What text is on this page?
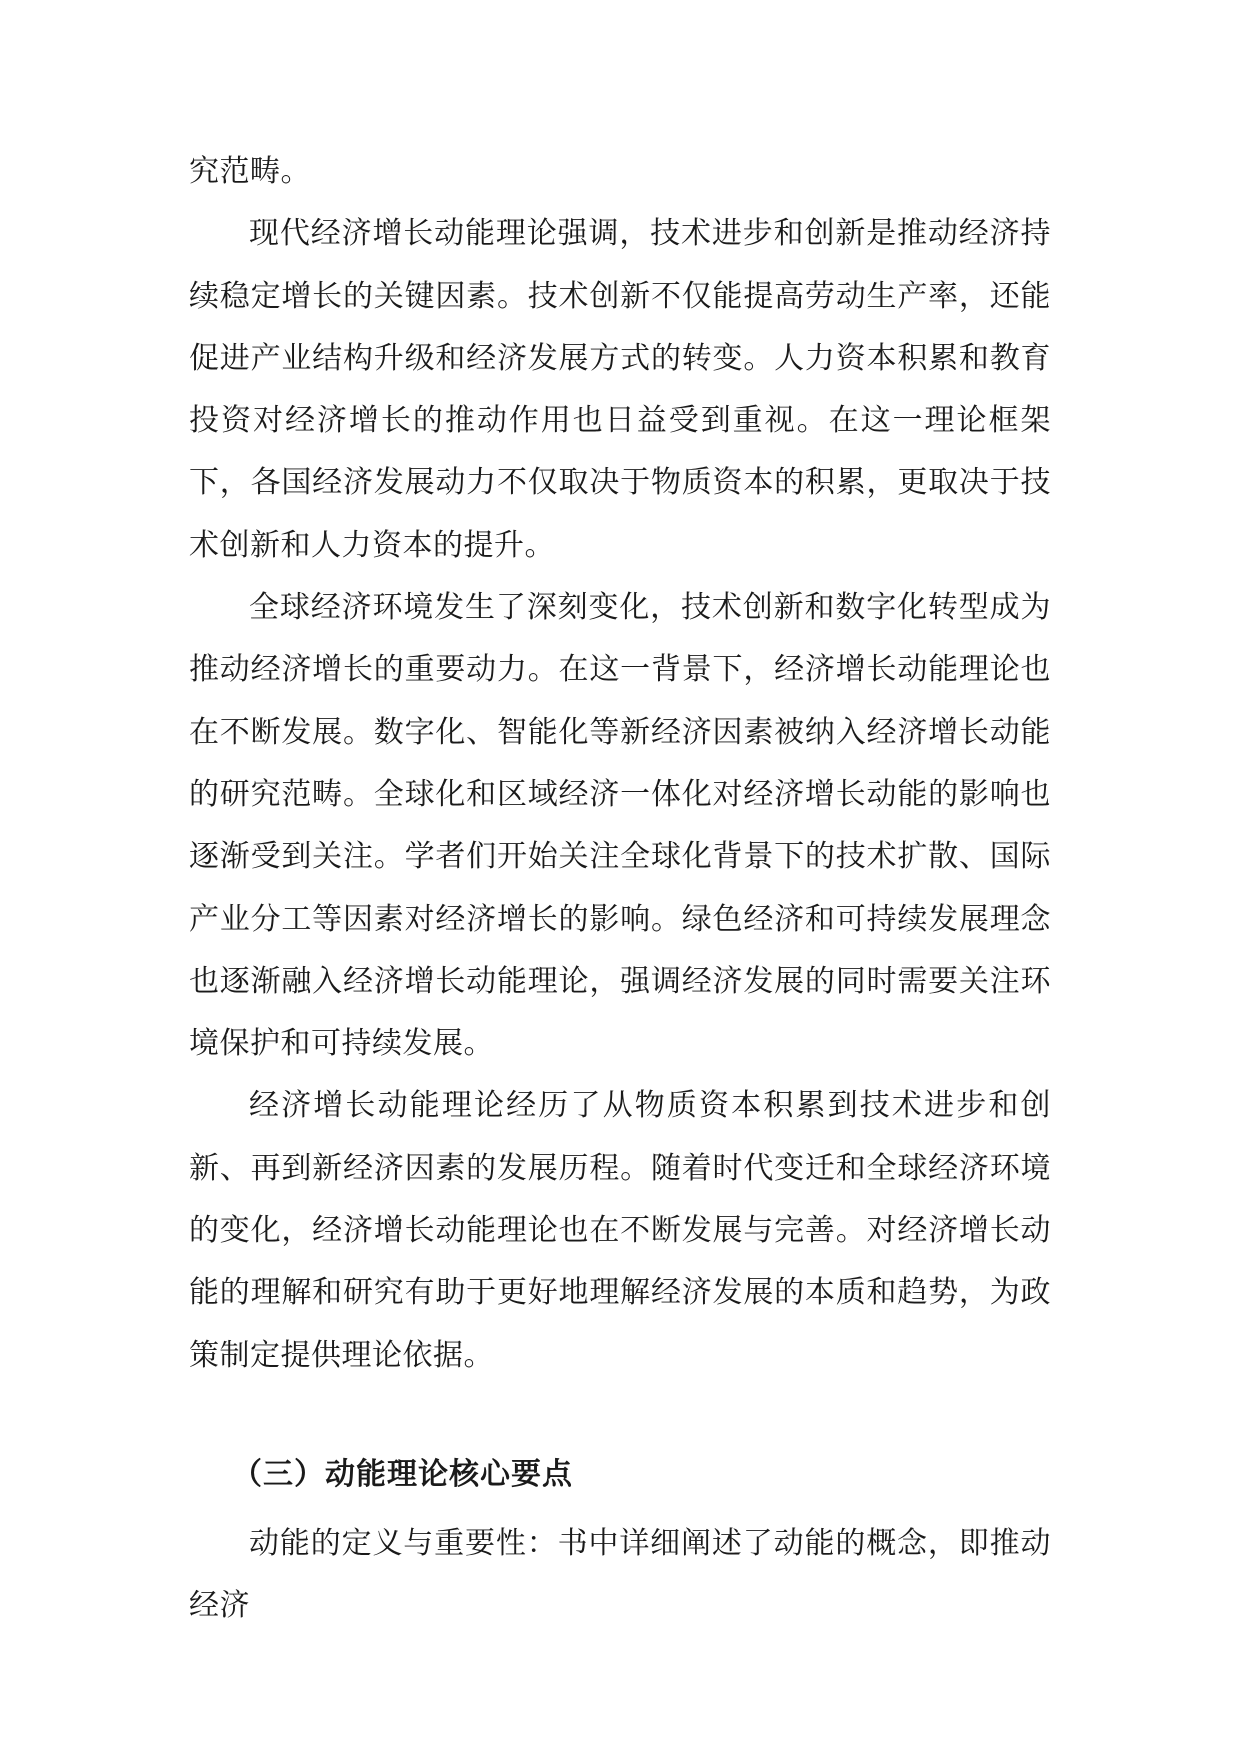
究范畴。

现代经济增长动能理论强调，技术进步和创新是推动经济持续稳定增长的关键因素。技术创新不仅能提高劳动生产率，还能促进产业结构升级和经济发展方式的转变。人力资本积累和教育投资对经济增长的推动作用也日益受到重视。在这一理论框架下，各国经济发展动力不仅取决于物质资本的积累，更取决于技术创新和人力资本的提升。

全球经济环境发生了深刻变化，技术创新和数字化转型成为推动经济增长的重要动力。在这一背景下，经济增长动能理论也在不断发展。数字化、智能化等新经济因素被纳入经济增长动能的研究范畴。全球化和区域经济一体化对经济增长动能的影响也逐渐受到关注。学者们开始关注全球化背景下的技术扩散、国际产业分工等因素对经济增长的影响。绿色经济和可持续发展理念也逐渐融入经济增长动能理论，强调经济发展的同时需要关注环境保护和可持续发展。

经济增长动能理论经历了从物质资本积累到技术进步和创新、再到新经济因素的发展历程。随着时代变迁和全球经济环境的变化，经济增长动能理论也在不断发展与完善。对经济增长动能的理解和研究有助于更好地理解经济发展的本质和趋势，为政策制定提供理论依据。

（三）动能理论核心要点

动能的定义与重要性：书中详细阐述了动能的概念，即推动经济
